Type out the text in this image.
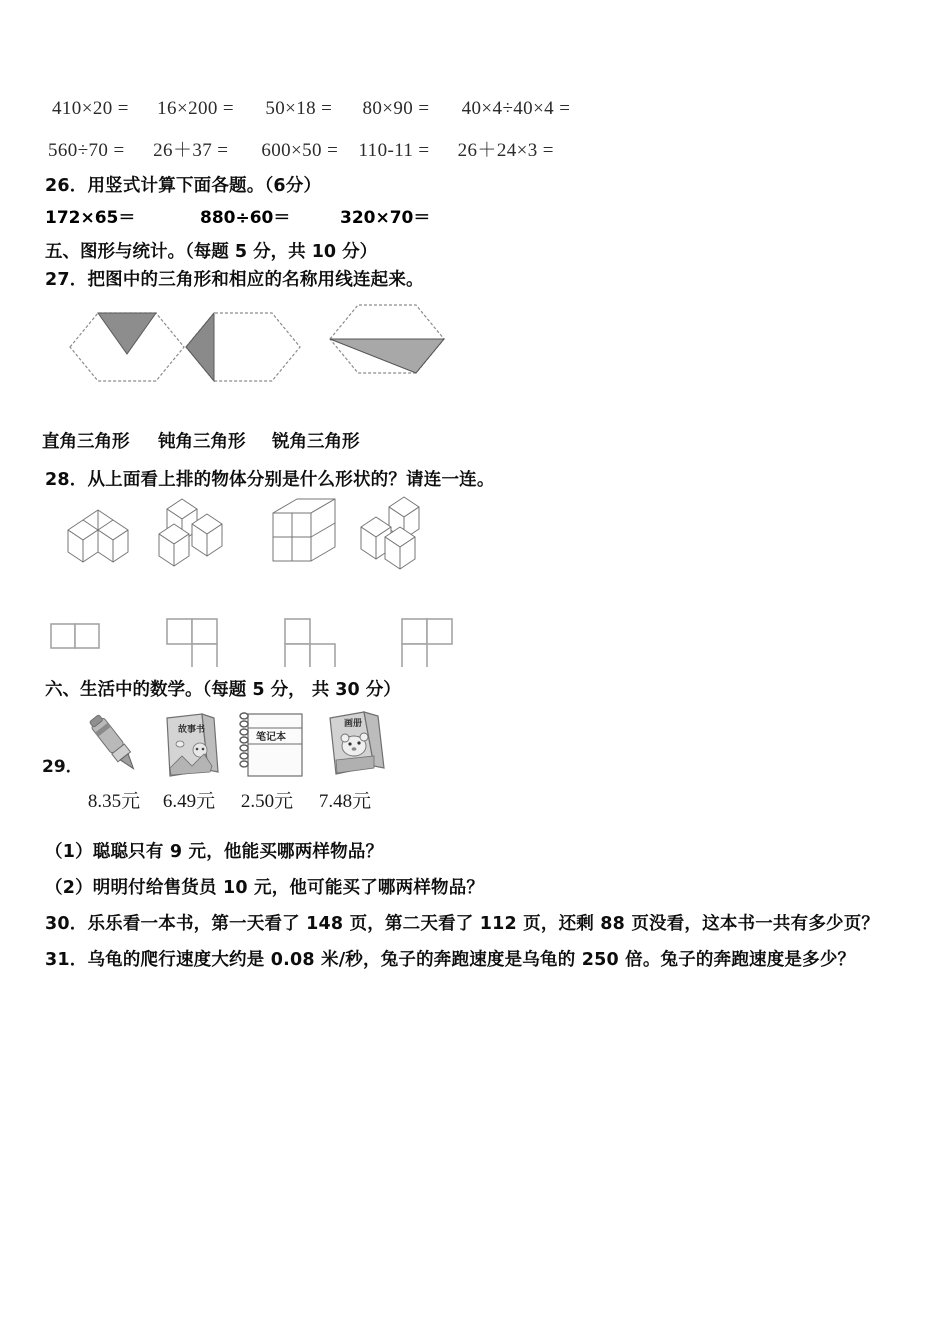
410×20 = 16×200 = 50×18 = 80×90 = 40×4÷40×4 =
560÷70 = 26＋37 = 600×50 = 110‑11 = 26＋24×3 =
26．用竖式计算下面各题。（6分）
172×65＝	880÷60＝	320×70＝
五、图形与统计。（每题 5 分，共 10 分）
27．把图中的三角形和相应的名称用线连起来。
直角三角形 钝角三角形 锐角三角形
28．从上面看上排的物体分别是什么形状的？请连一连。
六、生活中的数学。（每题 5 分， 共 30 分）
29．
故事书
笔记本
画册
8.35元	6.49元	2.50元	7.48元
（1）聪聪只有 9 元，他能买哪两样物品？
（2）明明付给售货员 10 元，他可能买了哪两样物品？
30．乐乐看一本书，第一天看了 148 页，第二天看了 112 页，还剩 88 页没看，这本书一共有多少页？
31．乌龟的爬行速度大约是 0.08 米/秒，兔子的奔跑速度是乌龟的 250 倍。兔子的奔跑速度是多少？
